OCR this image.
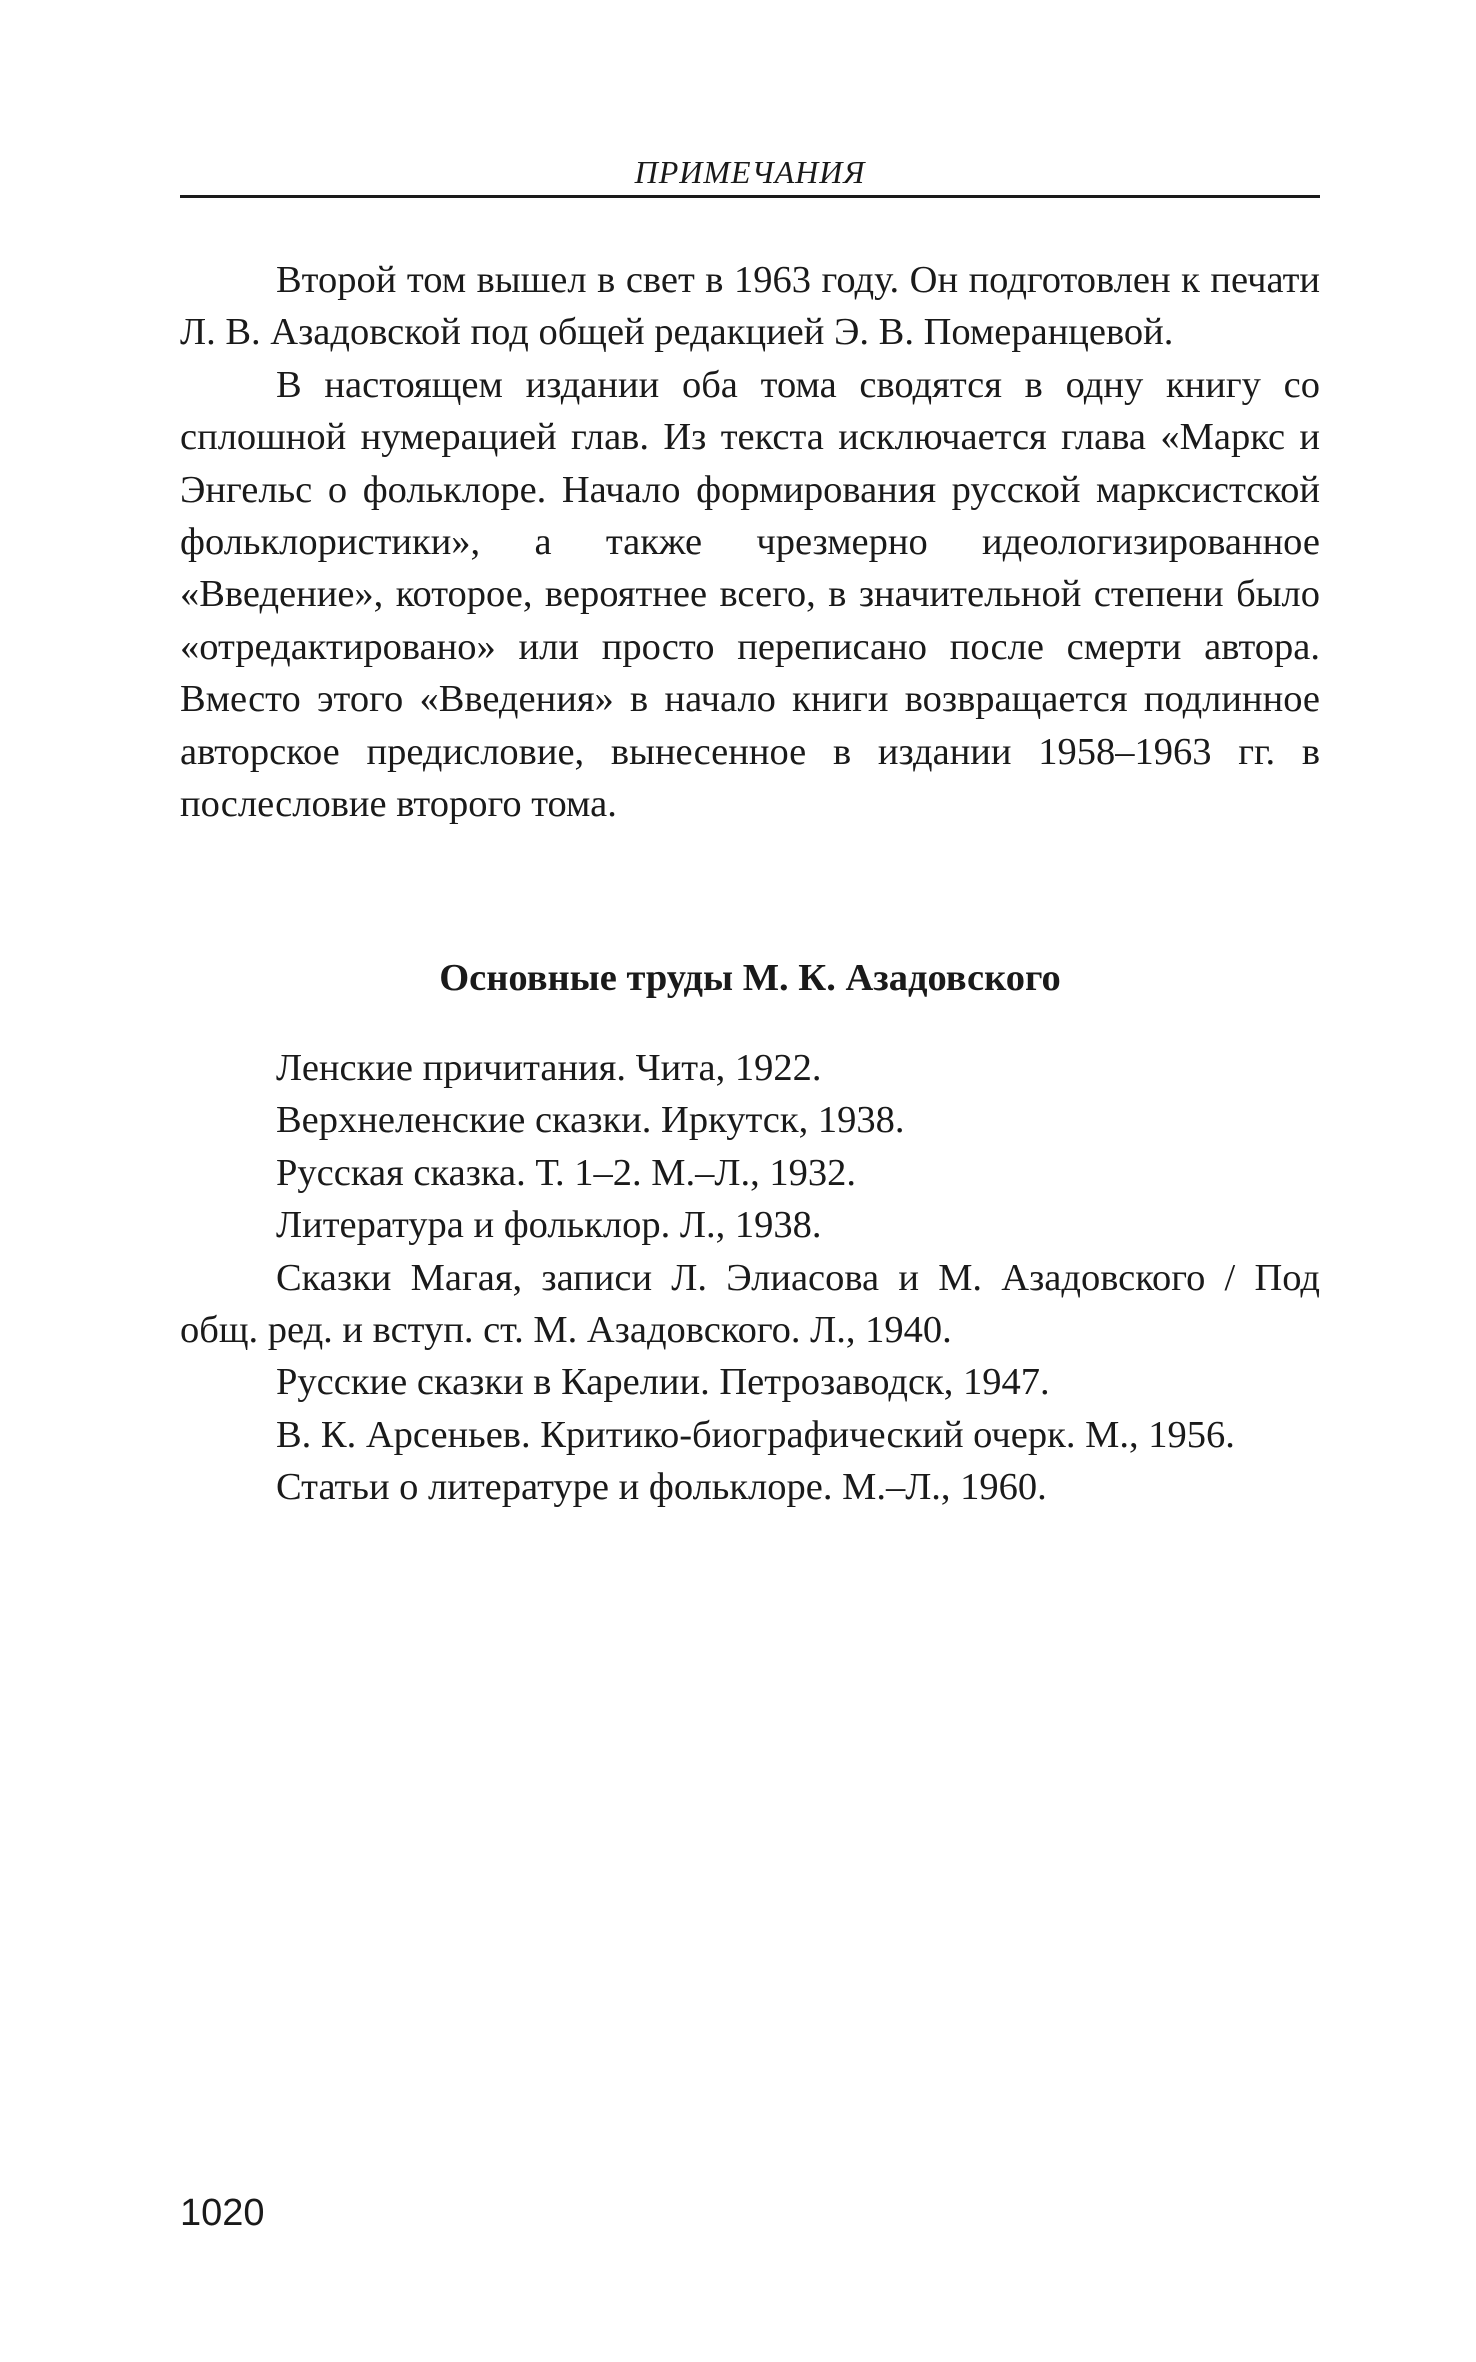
ПРИМЕЧАНИЯ

Второй том вышел в свет в 1963 году. Он подготовлен к печати Л. В. Азадовской под общей редакцией Э. В. Померанцевой.

В настоящем издании оба тома сводятся в одну книгу со сплошной нумерацией глав. Из текста исключается глава «Маркс и Энгельс о фольклоре. Начало формирования русской марксистской фольклористики», а также чрезмерно идеологизированное «Введение», которое, вероятнее всего, в значительной степени было «отредактировано» или просто переписано после смерти автора. Вместо этого «Введения» в начало книги возвращается подлинное авторское предисловие, вынесенное в издании 1958–1963 гг. в послесловие второго тома.

Основные труды М. К. Азадовского
Ленские причитания. Чита, 1922.
Верхнеленские сказки. Иркутск, 1938.
Русская сказка. Т. 1–2. М.–Л., 1932.
Литература и фольклор. Л., 1938.
Сказки Магая, записи Л. Элиасова и М. Азадовского / Под общ. ред. и вступ. ст. М. Азадовского. Л., 1940.
Русские сказки в Карелии. Петрозаводск, 1947.
В. К. Арсеньев. Критико-биографический очерк. М., 1956.
Статьи о литературе и фольклоре. М.–Л., 1960.
1020
